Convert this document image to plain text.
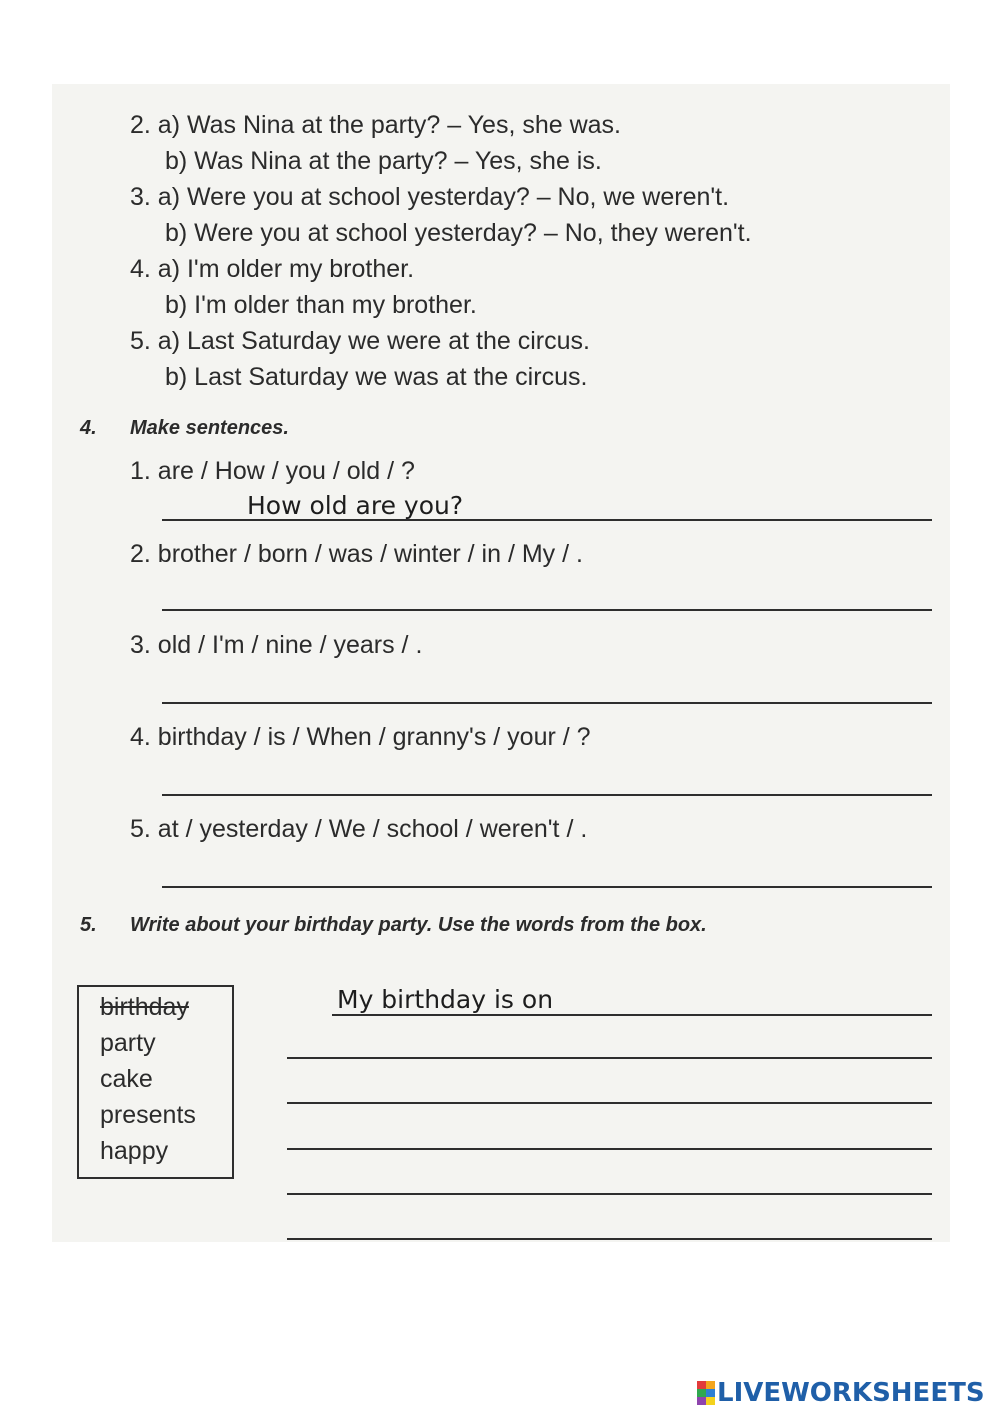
2. a) Was Nina at the party? – Yes, she was.
b) Was Nina at the party? – Yes, she is.
3. a) Were you at school yesterday? – No, we weren't.
b) Were you at school yesterday? – No, they weren't.
4. a) I'm older my brother.
b) I'm older than my brother.
5. a) Last Saturday we were at the circus.
b) Last Saturday we was at the circus.
4. Make sentences.
1. are / How / you / old / ?
How old are you?
2. brother / born / was / winter / in / My / .
3. old / I'm / nine / years / .
4. birthday / is / When / granny's / your / ?
5. at / yesterday / We / school / weren't / .
5. Write about your birthday party. Use the words from the box.
birthday
party
cake
presents
happy
My birthday is on
LIVEWORKSHEETS
